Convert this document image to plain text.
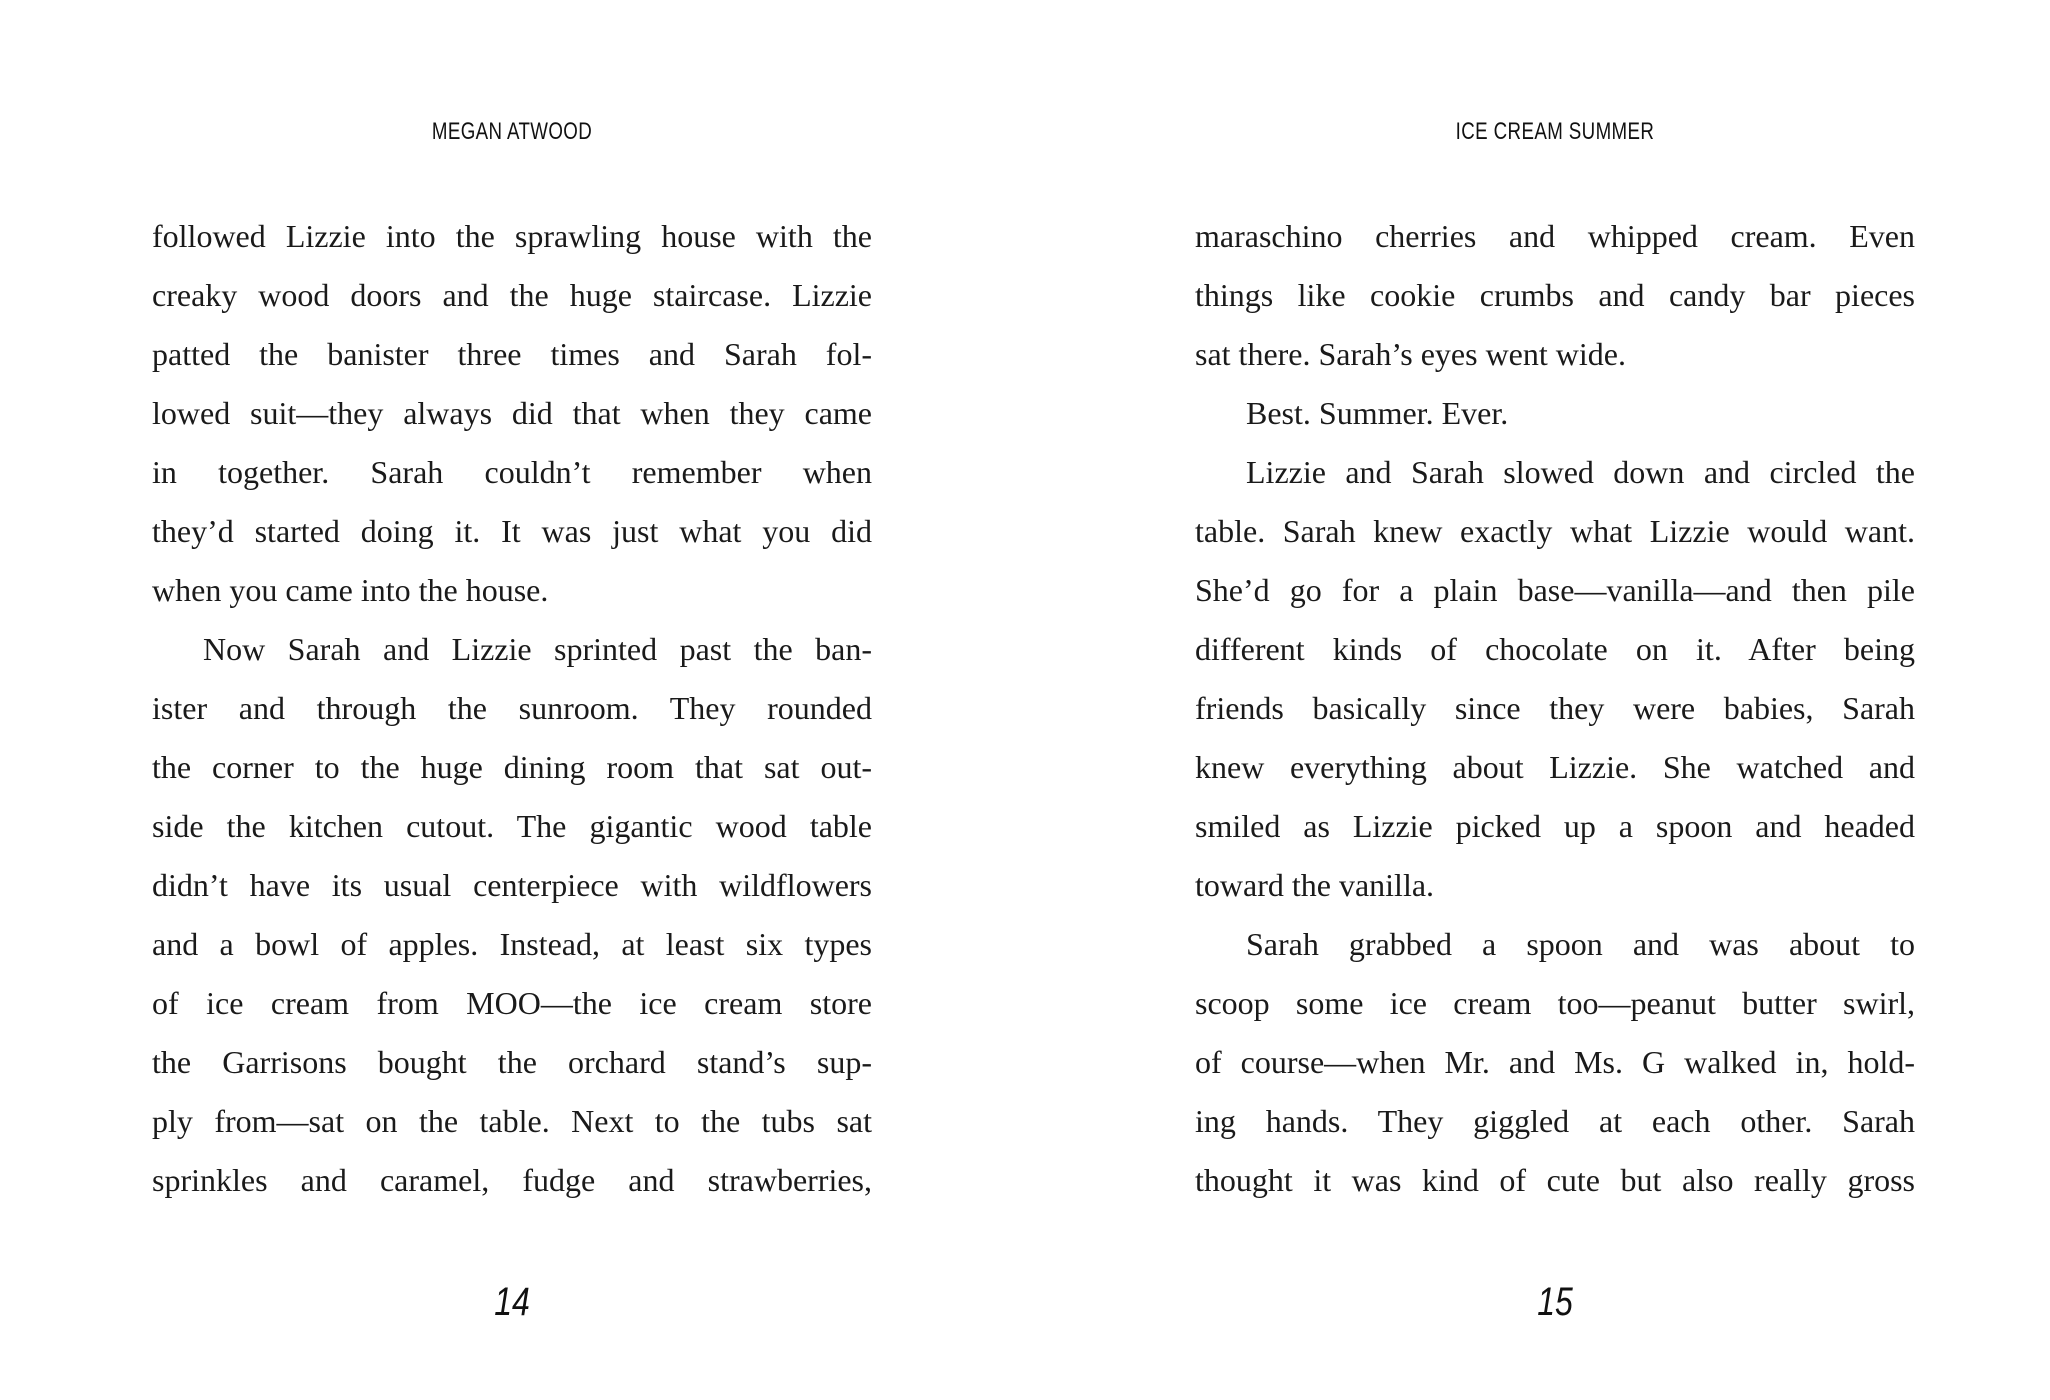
MEGAN ATWOOD
followed Lizzie into the sprawling house with the
creaky wood doors and the huge staircase. Lizzie
patted the banister three times and Sarah fol-
lowed suit—they always did that when they came
in together. Sarah couldn’t remember when
they’d started doing it. It was just what you did
when you came into the house.
Now Sarah and Lizzie sprinted past the ban-
ister and through the sunroom. They rounded
the corner to the huge dining room that sat out-
side the kitchen cutout. The gigantic wood table
didn’t have its usual centerpiece with wildflowers
and a bowl of apples. Instead, at least six types
of ice cream from MOO—the ice cream store
the Garrisons bought the orchard stand’s sup-
ply from—sat on the table. Next to the tubs sat
sprinkles and caramel, fudge and strawberries,
14
ICE CREAM SUMMER
maraschino cherries and whipped cream. Even
things like cookie crumbs and candy bar pieces
sat there. Sarah’s eyes went wide.
Best. Summer. Ever.
Lizzie and Sarah slowed down and circled the
table. Sarah knew exactly what Lizzie would want.
She’d go for a plain base—vanilla—and then pile
different kinds of chocolate on it. After being
friends basically since they were babies, Sarah
knew everything about Lizzie. She watched and
smiled as Lizzie picked up a spoon and headed
toward the vanilla.
Sarah grabbed a spoon and was about to
scoop some ice cream too—peanut butter swirl,
of course—when Mr. and Ms. G walked in, hold-
ing hands. They giggled at each other. Sarah
thought it was kind of cute but also really gross
15
